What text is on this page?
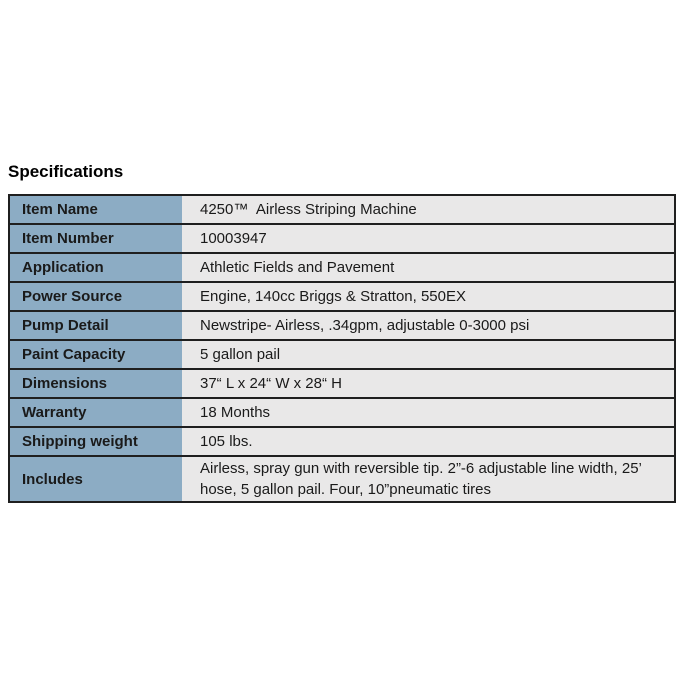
Specifications
Item Name	4250™  Airless Striping Machine
Item Number	10003947
Application	Athletic Fields and Pavement
Power Source	Engine, 140cc Briggs & Stratton, 550EX
Pump Detail	Newstripe- Airless, .34gpm, adjustable 0-3000 psi
Paint Capacity	5 gallon pail
Dimensions	37“ L x 24“ W x 28“ H
Warranty	18 Months
Shipping weight	105 lbs.
Includes	Airless, spray gun with reversible tip. 2”-6 adjustable line width, 25’ hose, 5 gallon pail. Four, 10”pneumatic tires
